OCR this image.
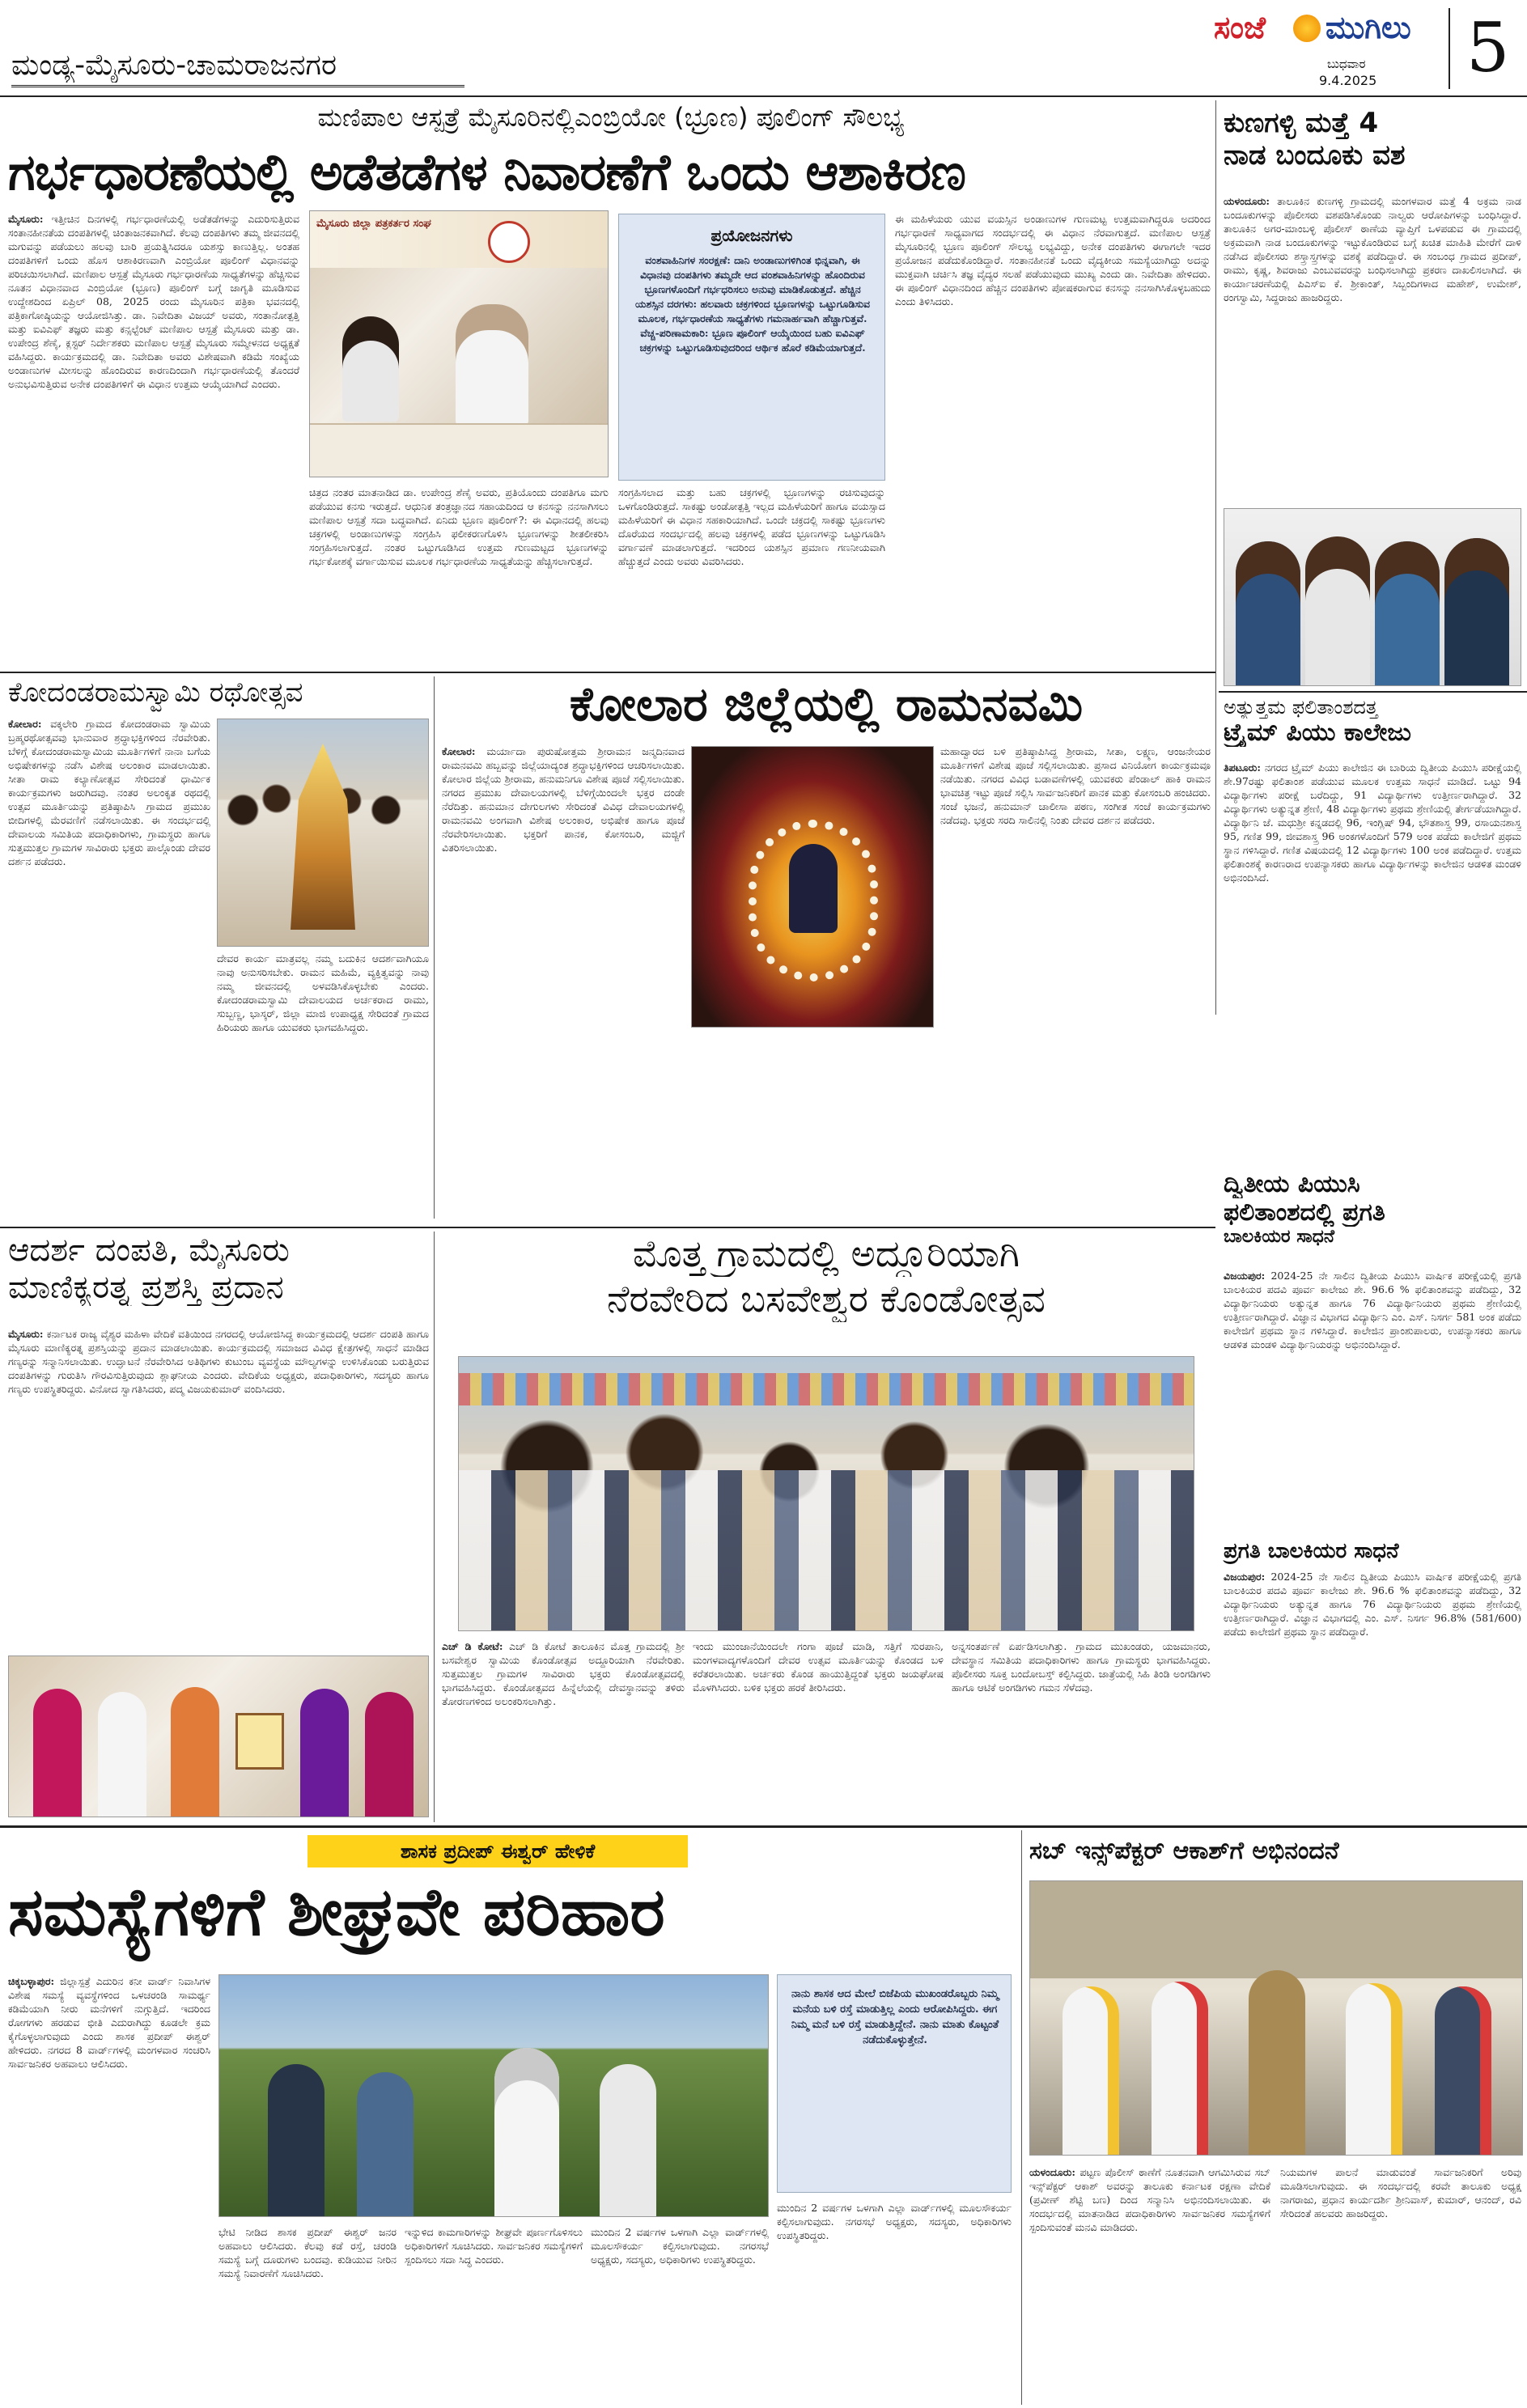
ಮಂಡ್ಯ-ಮೈಸೂರು-ಚಾಮರಾಜನಗರ
ಸಂಜೆ ಮುಗಿಲು
ಬುಧವಾರ
9.4.2025 5
ಮಣಿಪಾಲ ಆಸ್ಪತ್ರೆ ಮೈಸೂರಿನಲ್ಲಿಎಂಬ್ರಿಯೋ (ಭ್ರೂಣ) ಪೂಲಿಂಗ್ ಸೌಲಭ್ಯ
ಗರ್ಭಧಾರಣೆಯಲ್ಲಿ ಅಡೆತಡೆಗಳ ನಿವಾರಣೆಗೆ ಒಂದು ಆಶಾಕಿರಣ
ಮೈಸೂರು: ಇತ್ತೀಚಿನ ದಿನಗಳಲ್ಲಿ ಗರ್ಭಧಾರಣೆಯಲ್ಲಿ ಅಡೆತಡೆಗಳನ್ನು ಎದುರಿಸುತ್ತಿರುವ ಸಂತಾನಹೀನತೆಯ ದಂಪತಿಗಳಲ್ಲಿ ಚಿಂತಾಜನಕವಾಗಿದೆ. ಕೆಲವು ದಂಪತಿಗಳು ತಮ್ಮ ಜೀವನದಲ್ಲಿ ಮಗುವನ್ನು ಪಡೆಯಲು ಹಲವು ಬಾರಿ ಪ್ರಯತ್ನಿಸಿದರೂ ಯಶಸ್ಸು ಕಾಣುತ್ತಿಲ್ಲ. ಅಂತಹ ದಂಪತಿಗಳಿಗೆ ಒಂದು ಹೊಸ ಆಶಾಕಿರಣವಾಗಿ ಎಂಬ್ರಿಯೋ ಪೂಲಿಂಗ್ ವಿಧಾನವನ್ನು ಪರಿಚಯಿಸಲಾಗಿದೆ. ಮಣಿಪಾಲ ಆಸ್ಪತ್ರೆ ಮೈಸೂರು ಗರ್ಭಧಾರಣೆಯ ಸಾಧ್ಯತೆಗಳನ್ನು ಹೆಚ್ಚಿಸುವ ನೂತನ ವಿಧಾನವಾದ ಎಂಬ್ರಿಯೋ (ಭ್ರೂಣ) ಪೂಲಿಂಗ್ ಬಗ್ಗೆ ಜಾಗೃತಿ ಮೂಡಿಸುವ ಉದ್ದೇಶದಿಂದ ಏಪ್ರಿಲ್ 08, 2025 ರಂದು ಮೈಸೂರಿನ ಪತ್ರಿಕಾ ಭವನದಲ್ಲಿ ಪತ್ರಿಕಾಗೋಷ್ಠಿಯನ್ನು ಆಯೋಜಿಸಿತ್ತು. ಡಾ. ನಿವೇದಿತಾ ವಿಜಯ್ ಅವರು, ಸಂತಾನೋತ್ಪತ್ತಿ ಮತ್ತು ಐವಿಎಫ್ ತಜ್ಞರು ಮತ್ತು ಕನ್ಸಲ್ಟೆಂಟ್ ಮಣಿಪಾಲ ಆಸ್ಪತ್ರೆ ಮೈಸೂರು ಮತ್ತು ಡಾ. ಉಪೇಂದ್ರ ಶೆಣೈ, ಕ್ಲಸ್ಟರ್ ನಿರ್ದೇಶಕರು ಮಣಿಪಾಲ ಆಸ್ಪತ್ರೆ ಮೈಸೂರು ಸಮ್ಮೇಳನದ ಅಧ್ಯಕ್ಷತೆ ವಹಿಸಿದ್ದರು. ಕಾರ್ಯಕ್ರಮದಲ್ಲಿ ಡಾ. ನಿವೇದಿತಾ ಅವರು ವಿಶೇಷವಾಗಿ ಕಡಿಮೆ ಸಂಖ್ಯೆಯ ಅಂಡಾಣುಗಳ ಮೀಸಲನ್ನು ಹೊಂದಿರುವ ಕಾರಣದಿಂದಾಗಿ ಗರ್ಭಧಾರಣೆಯಲ್ಲಿ ತೊಂದರೆ ಅನುಭವಿಸುತ್ತಿರುವ ಅನೇಕ ದಂಪತಿಗಳಿಗೆ ಈ ವಿಧಾನ ಉತ್ತಮ ಆಯ್ಕೆಯಾಗಿದೆ ಎಂದರು.
ಮೈಸೂರು ಜಿಲ್ಲಾ ಪತ್ರಕರ್ತರ ಸಂಘ
ಪ್ರಯೋಜನಗಳು
ವಂಶವಾಹಿನಿಗಳ ಸಂರಕ್ಷಣೆ: ದಾನಿ ಅಂಡಾಣುಗಳಿಗಿಂತ ಭಿನ್ನವಾಗಿ, ಈ ವಿಧಾನವು ದಂಪತಿಗಳು ತಮ್ಮದೇ ಆದ ವಂಶವಾಹಿನಿಗಳನ್ನು ಹೊಂದಿರುವ ಭ್ರೂಣಗಳೊಂದಿಗೆ ಗರ್ಭಧರಿಸಲು ಅನುವು ಮಾಡಿಕೊಡುತ್ತದೆ. ಹೆಚ್ಚಿನ ಯಶಸ್ಸಿನ ದರಗಳು: ಹಲವಾರು ಚಕ್ರಗಳಿಂದ ಭ್ರೂಣಗಳನ್ನು ಒಟ್ಟುಗೂಡಿಸುವ ಮೂಲಕ, ಗರ್ಭಧಾರಣೆಯ ಸಾಧ್ಯತೆಗಳು ಗಮನಾರ್ಹವಾಗಿ ಹೆಚ್ಚಾಗುತ್ತವೆ. ವೆಚ್ಚ-ಪರಿಣಾಮಕಾರಿ: ಭ್ರೂಣ ಪೂಲಿಂಗ್ ಆಯ್ಕೆಯಿಂದ ಬಹು ಐವಿಎಫ್ ಚಕ್ರಗಳನ್ನು ಒಟ್ಟುಗೂಡಿಸುವುದರಿಂದ ಆರ್ಥಿಕ ಹೊರೆ ಕಡಿಮೆಯಾಗುತ್ತದೆ.
ಚಿತ್ರದ ನಂತರ ಮಾತನಾಡಿದ ಡಾ. ಉಪೇಂದ್ರ ಶೆಣೈ ಅವರು, ಪ್ರತಿಯೊಂದು ದಂಪತಿಗೂ ಮಗು ಪಡೆಯುವ ಕನಸು ಇರುತ್ತದೆ. ಆಧುನಿಕ ತಂತ್ರಜ್ಞಾನದ ಸಹಾಯದಿಂದ ಆ ಕನಸನ್ನು ನನಸಾಗಿಸಲು ಮಣಿಪಾಲ ಆಸ್ಪತ್ರೆ ಸದಾ ಬದ್ಧವಾಗಿದೆ. ಏನಿದು ಭ್ರೂಣ ಪೂಲಿಂಗ್?: ಈ ವಿಧಾನದಲ್ಲಿ ಹಲವು ಚಕ್ರಗಳಲ್ಲಿ ಅಂಡಾಣುಗಳನ್ನು ಸಂಗ್ರಹಿಸಿ ಫಲೀಕರಣಗೊಳಿಸಿ ಭ್ರೂಣಗಳನ್ನು ಶೀತಲೀಕರಿಸಿ ಸಂಗ್ರಹಿಸಲಾಗುತ್ತದೆ. ನಂತರ ಒಟ್ಟುಗೂಡಿಸಿದ ಉತ್ತಮ ಗುಣಮಟ್ಟದ ಭ್ರೂಣಗಳನ್ನು ಗರ್ಭಕೋಶಕ್ಕೆ ವರ್ಗಾಯಿಸುವ ಮೂಲಕ ಗರ್ಭಧಾರಣೆಯ ಸಾಧ್ಯತೆಯನ್ನು ಹೆಚ್ಚಿಸಲಾಗುತ್ತದೆ.
ಸಂಗ್ರಹಿಸಲಾದ ಮತ್ತು ಬಹು ಚಕ್ರಗಳಲ್ಲಿ ಭ್ರೂಣಗಳನ್ನು ರಚಿಸುವುದನ್ನು ಒಳಗೊಂಡಿರುತ್ತದೆ. ಸಾಕಷ್ಟು ಅಂಡೋತ್ಪತ್ತಿ ಇಲ್ಲದ ಮಹಿಳೆಯರಿಗೆ ಹಾಗೂ ವಯಸ್ಸಾದ ಮಹಿಳೆಯರಿಗೆ ಈ ವಿಧಾನ ಸಹಕಾರಿಯಾಗಿದೆ. ಒಂದೇ ಚಕ್ರದಲ್ಲಿ ಸಾಕಷ್ಟು ಭ್ರೂಣಗಳು ದೊರೆಯದ ಸಂದರ್ಭದಲ್ಲಿ ಹಲವು ಚಕ್ರಗಳಲ್ಲಿ ಪಡೆದ ಭ್ರೂಣಗಳನ್ನು ಒಟ್ಟುಗೂಡಿಸಿ ವರ್ಗಾವಣೆ ಮಾಡಲಾಗುತ್ತದೆ. ಇದರಿಂದ ಯಶಸ್ಸಿನ ಪ್ರಮಾಣ ಗಣನೀಯವಾಗಿ ಹೆಚ್ಚುತ್ತದೆ ಎಂದು ಅವರು ವಿವರಿಸಿದರು.
ಈ ಮಹಿಳೆಯರು ಯುವ ವಯಸ್ಸಿನ ಅಂಡಾಣುಗಳ ಗುಣಮಟ್ಟ ಉತ್ತಮವಾಗಿದ್ದರೂ ಅದರಿಂದ ಗರ್ಭಧಾರಣೆ ಸಾಧ್ಯವಾಗದ ಸಂದರ್ಭದಲ್ಲಿ ಈ ವಿಧಾನ ನೆರವಾಗುತ್ತದೆ. ಮಣಿಪಾಲ ಆಸ್ಪತ್ರೆ ಮೈಸೂರಿನಲ್ಲಿ ಭ್ರೂಣ ಪೂಲಿಂಗ್ ಸೌಲಭ್ಯ ಲಭ್ಯವಿದ್ದು, ಅನೇಕ ದಂಪತಿಗಳು ಈಗಾಗಲೇ ಇದರ ಪ್ರಯೋಜನ ಪಡೆದುಕೊಂಡಿದ್ದಾರೆ. ಸಂತಾನಹೀನತೆ ಒಂದು ವೈದ್ಯಕೀಯ ಸಮಸ್ಯೆಯಾಗಿದ್ದು ಅದನ್ನು ಮುಕ್ತವಾಗಿ ಚರ್ಚಿಸಿ ತಜ್ಞ ವೈದ್ಯರ ಸಲಹೆ ಪಡೆಯುವುದು ಮುಖ್ಯ ಎಂದು ಡಾ. ನಿವೇದಿತಾ ಹೇಳಿದರು. ಈ ಪೂಲಿಂಗ್ ವಿಧಾನದಿಂದ ಹೆಚ್ಚಿನ ದಂಪತಿಗಳು ಪೋಷಕರಾಗುವ ಕನಸನ್ನು ನನಸಾಗಿಸಿಕೊಳ್ಳಬಹುದು ಎಂದು ತಿಳಿಸಿದರು.
ಕುಣಗಳ್ಳಿ ಮತ್ತೆ 4
ನಾಡ ಬಂದೂಕು ವಶ
ಯಳಂದೂರು: ತಾಲೂಕಿನ ಕುಣಗಳ್ಳಿ ಗ್ರಾಮದಲ್ಲಿ ಮಂಗಳವಾರ ಮತ್ತೆ 4 ಅಕ್ರಮ ನಾಡ ಬಂದೂಕುಗಳನ್ನು ಪೊಲೀಸರು ವಶಪಡಿಸಿಕೊಂಡು ನಾಲ್ವರು ಆರೋಪಿಗಳನ್ನು ಬಂಧಿಸಿದ್ದಾರೆ. ತಾಲೂಕಿನ ಅಗರ-ಮಾಂಬಳ್ಳಿ ಪೊಲೀಸ್ ಠಾಣೆಯ ವ್ಯಾಪ್ತಿಗೆ ಒಳಪಡುವ ಈ ಗ್ರಾಮದಲ್ಲಿ ಅಕ್ರಮವಾಗಿ ನಾಡ ಬಂದೂಕುಗಳನ್ನು ಇಟ್ಟುಕೊಂಡಿರುವ ಬಗ್ಗೆ ಖಚಿತ ಮಾಹಿತಿ ಮೇರೆಗೆ ದಾಳಿ ನಡೆಸಿದ ಪೊಲೀಸರು ಶಸ್ತ್ರಾಸ್ತ್ರಗಳನ್ನು ವಶಕ್ಕೆ ಪಡೆದಿದ್ದಾರೆ. ಈ ಸಂಬಂಧ ಗ್ರಾಮದ ಪ್ರದೀಪ್, ರಾಮು, ಕೃಷ್ಣ, ಶಿವರಾಜು ಎಂಬುವವರನ್ನು ಬಂಧಿಸಲಾಗಿದ್ದು ಪ್ರಕರಣ ದಾಖಲಿಸಲಾಗಿದೆ. ಈ ಕಾರ್ಯಾಚರಣೆಯಲ್ಲಿ ಪಿಎಸ್‌ಐ ಕೆ. ಶ್ರೀಕಾಂತ್, ಸಿಬ್ಬಂದಿಗಳಾದ ಮಹೇಶ್, ಉಮೇಶ್, ರಂಗಸ್ವಾಮಿ, ಸಿದ್ದರಾಜು ಹಾಜರಿದ್ದರು.
ಕೋದಂಡರಾಮಸ್ವಾಮಿ ರಥೋತ್ಸವ
ಕೋಲಾರ: ವಕ್ಕಲೇರಿ ಗ್ರಾಮದ ಕೋದಂಡರಾಮ ಸ್ವಾಮಿಯ ಬ್ರಹ್ಮರಥೋತ್ಸವವು ಭಾನುವಾರ ಶ್ರದ್ಧಾಭಕ್ತಿಗಳಿಂದ ನೆರವೇರಿತು. ಬೆಳಿಗ್ಗೆ ಕೋದಂಡರಾಮಸ್ವಾಮಿಯ ಮೂರ್ತಿಗಳಿಗೆ ನಾನಾ ಬಗೆಯ ಅಭಿಷೇಕಗಳನ್ನು ನಡೆಸಿ ವಿಶೇಷ ಅಲಂಕಾರ ಮಾಡಲಾಯಿತು. ಸೀತಾ ರಾಮ ಕಲ್ಯಾಣೋತ್ಸವ ಸೇರಿದಂತೆ ಧಾರ್ಮಿಕ ಕಾರ್ಯಕ್ರಮಗಳು ಜರುಗಿದವು. ನಂತರ ಅಲಂಕೃತ ರಥದಲ್ಲಿ ಉತ್ಸವ ಮೂರ್ತಿಯನ್ನು ಪ್ರತಿಷ್ಠಾಪಿಸಿ ಗ್ರಾಮದ ಪ್ರಮುಖ ಬೀದಿಗಳಲ್ಲಿ ಮೆರವಣಿಗೆ ನಡೆಸಲಾಯಿತು. ಈ ಸಂದರ್ಭದಲ್ಲಿ ದೇವಾಲಯ ಸಮಿತಿಯ ಪದಾಧಿಕಾರಿಗಳು, ಗ್ರಾಮಸ್ಥರು ಹಾಗೂ ಸುತ್ತಮುತ್ತಲ ಗ್ರಾಮಗಳ ಸಾವಿರಾರು ಭಕ್ತರು ಪಾಲ್ಗೊಂಡು ದೇವರ ದರ್ಶನ ಪಡೆದರು.
ದೇವರ ಕಾರ್ಯ ಮಾತ್ರವಲ್ಲ ನಮ್ಮ ಬದುಕಿನ ಆದರ್ಶವಾಗಿಯೂ ನಾವು ಅನುಸರಿಸಬೇಕು. ರಾಮನ ಮಹಿಮೆ, ವ್ಯಕ್ತಿತ್ವವನ್ನು ನಾವು ನಮ್ಮ ಜೀವನದಲ್ಲಿ ಅಳವಡಿಸಿಕೊಳ್ಳಬೇಕು ಎಂದರು. ಕೋದಂಡರಾಮಸ್ವಾಮಿ ದೇವಾಲಯದ ಅರ್ಚಕರಾದ ರಾಮು, ಸುಬ್ಬಣ್ಣ, ಭಾಸ್ಕರ್, ಜಿಲ್ಲಾ ಮಾಜಿ ಉಪಾಧ್ಯಕ್ಷ ಸೇರಿದಂತೆ ಗ್ರಾಮದ ಹಿರಿಯರು ಹಾಗೂ ಯುವಕರು ಭಾಗವಹಿಸಿದ್ದರು.
ಕೋಲಾರ ಜಿಲ್ಲೆಯಲ್ಲಿ ರಾಮನವಮಿ
ಕೋಲಾರ: ಮರ್ಯಾದಾ ಪುರುಷೋತ್ತಮ ಶ್ರೀರಾಮನ ಜನ್ಮದಿನವಾದ ರಾಮನವಮಿ ಹಬ್ಬವನ್ನು ಜಿಲ್ಲೆಯಾದ್ಯಂತ ಶ್ರದ್ಧಾಭಕ್ತಿಗಳಿಂದ ಆಚರಿಸಲಾಯಿತು. ಕೋಲಾರ ಜಿಲ್ಲೆಯ ಶ್ರೀರಾಮ, ಹನುಮನಿಗೂ ವಿಶೇಷ ಪೂಜೆ ಸಲ್ಲಿಸಲಾಯಿತು. ನಗರದ ಪ್ರಮುಖ ದೇವಾಲಯಗಳಲ್ಲಿ ಬೆಳಿಗ್ಗೆಯಿಂದಲೇ ಭಕ್ತರ ದಂಡೇ ನೆರೆದಿತ್ತು. ಹನುಮಾನ ದೇಗುಲಗಳು ಸೇರಿದಂತೆ ವಿವಿಧ ದೇವಾಲಯಗಳಲ್ಲಿ ರಾಮನವಮಿ ಅಂಗವಾಗಿ ವಿಶೇಷ ಅಲಂಕಾರ, ಅಭಿಷೇಕ ಹಾಗೂ ಪೂಜೆ ನೆರವೇರಿಸಲಾಯಿತು. ಭಕ್ತರಿಗೆ ಪಾನಕ, ಕೋಸಂಬರಿ, ಮಜ್ಜಿಗೆ ವಿತರಿಸಲಾಯಿತು.
ಮಹಾದ್ವಾರದ ಬಳಿ ಪ್ರತಿಷ್ಠಾಪಿಸಿದ್ದ ಶ್ರೀರಾಮ, ಸೀತಾ, ಲಕ್ಷ್ಮಣ, ಆಂಜನೇಯರ ಮೂರ್ತಿಗಳಿಗೆ ವಿಶೇಷ ಪೂಜೆ ಸಲ್ಲಿಸಲಾಯಿತು. ಪ್ರಸಾದ ವಿನಿಯೋಗ ಕಾರ್ಯಕ್ರಮವೂ ನಡೆಯಿತು. ನಗರದ ವಿವಿಧ ಬಡಾವಣೆಗಳಲ್ಲಿ ಯುವಕರು ಪೆಂಡಾಲ್ ಹಾಕಿ ರಾಮನ ಭಾವಚಿತ್ರ ಇಟ್ಟು ಪೂಜೆ ಸಲ್ಲಿಸಿ ಸಾರ್ವಜನಿಕರಿಗೆ ಪಾನಕ ಮತ್ತು ಕೋಸಂಬರಿ ಹಂಚಿದರು. ಸಂಜೆ ಭಜನೆ, ಹನುಮಾನ್ ಚಾಲೀಸಾ ಪಠಣ, ಸಂಗೀತ ಸಂಜೆ ಕಾರ್ಯಕ್ರಮಗಳು ನಡೆದವು. ಭಕ್ತರು ಸರದಿ ಸಾಲಿನಲ್ಲಿ ನಿಂತು ದೇವರ ದರ್ಶನ ಪಡೆದರು.
ಅತ್ಯುತ್ತಮ ಫಲಿತಾಂಶದತ್ತ
ಟ್ರೈಮ್ ಪಿಯು ಕಾಲೇಜು
ತಿಪಟೂರು: ನಗರದ ಟ್ರೈಮ್ ಪಿಯು ಕಾಲೇಜಿನ ಈ ಬಾರಿಯ ದ್ವಿತೀಯ ಪಿಯುಸಿ ಪರೀಕ್ಷೆಯಲ್ಲಿ ಶೇ.97ರಷ್ಟು ಫಲಿತಾಂಶ ಪಡೆಯುವ ಮೂಲಕ ಉತ್ತಮ ಸಾಧನೆ ಮಾಡಿದೆ. ಒಟ್ಟು 94 ವಿದ್ಯಾರ್ಥಿಗಳು ಪರೀಕ್ಷೆ ಬರೆದಿದ್ದು, 91 ವಿದ್ಯಾರ್ಥಿಗಳು ಉತ್ತೀರ್ಣರಾಗಿದ್ದಾರೆ. 32 ವಿದ್ಯಾರ್ಥಿಗಳು ಅತ್ಯುನ್ನತ ಶ್ರೇಣಿ, 48 ವಿದ್ಯಾರ್ಥಿಗಳು ಪ್ರಥಮ ಶ್ರೇಣಿಯಲ್ಲಿ ತೇರ್ಗಡೆಯಾಗಿದ್ದಾರೆ. ವಿದ್ಯಾರ್ಥಿನಿ ಜೆ. ಮಧುಶ್ರೀ ಕನ್ನಡದಲ್ಲಿ 96, ಇಂಗ್ಲಿಷ್ 94, ಭೌತಶಾಸ್ತ್ರ 99, ರಸಾಯನಶಾಸ್ತ್ರ 95, ಗಣಿತ 99, ಜೀವಶಾಸ್ತ್ರ 96 ಅಂಕಗಳೊಂದಿಗೆ 579 ಅಂಕ ಪಡೆದು ಕಾಲೇಜಿಗೆ ಪ್ರಥಮ ಸ್ಥಾನ ಗಳಿಸಿದ್ದಾರೆ. ಗಣಿತ ವಿಷಯದಲ್ಲಿ 12 ವಿದ್ಯಾರ್ಥಿಗಳು 100 ಅಂಕ ಪಡೆದಿದ್ದಾರೆ. ಉತ್ತಮ ಫಲಿತಾಂಶಕ್ಕೆ ಕಾರಣರಾದ ಉಪನ್ಯಾಸಕರು ಹಾಗೂ ವಿದ್ಯಾರ್ಥಿಗಳನ್ನು ಕಾಲೇಜಿನ ಆಡಳಿತ ಮಂಡಳಿ ಅಭಿನಂದಿಸಿದೆ.
ದ್ವಿತೀಯ ಪಿಯುಸಿ
ಫಲಿತಾಂಶದಲ್ಲಿ ಪ್ರಗತಿ
ಬಾಲಕಿಯರ ಸಾಧನೆ
ವಿಜಯಪುರ: 2024-25 ನೇ ಸಾಲಿನ ದ್ವಿತೀಯ ಪಿಯುಸಿ ವಾರ್ಷಿಕ ಪರೀಕ್ಷೆಯಲ್ಲಿ ಪ್ರಗತಿ ಬಾಲಕಿಯರ ಪದವಿ ಪೂರ್ವ ಕಾಲೇಜು ಶೇ. 96.6 % ಫಲಿತಾಂಶವನ್ನು ಪಡೆದಿದ್ದು, 32 ವಿದ್ಯಾರ್ಥಿನಿಯರು ಅತ್ಯುನ್ನತ ಹಾಗೂ 76 ವಿದ್ಯಾರ್ಥಿನಿಯರು ಪ್ರಥಮ ಶ್ರೇಣಿಯಲ್ಲಿ ಉತ್ತೀರ್ಣರಾಗಿದ್ದಾರೆ. ವಿಜ್ಞಾನ ವಿಭಾಗದ ವಿದ್ಯಾರ್ಥಿನಿ ಎಂ. ಎಸ್. ನಿಸರ್ಗ 581 ಅಂಕ ಪಡೆದು ಕಾಲೇಜಿಗೆ ಪ್ರಥಮ ಸ್ಥಾನ ಗಳಿಸಿದ್ದಾರೆ. ಕಾಲೇಜಿನ ಪ್ರಾಂಶುಪಾಲರು, ಉಪನ್ಯಾಸಕರು ಹಾಗೂ ಆಡಳಿತ ಮಂಡಳಿ ವಿದ್ಯಾರ್ಥಿನಿಯರನ್ನು ಅಭಿನಂದಿಸಿದ್ದಾರೆ.
ಪ್ರಗತಿ ಬಾಲಕಿಯರ ಸಾಧನೆ
ವಿಜಯಪುರ: 2024-25 ನೇ ಸಾಲಿನ ದ್ವಿತೀಯ ಪಿಯುಸಿ ವಾರ್ಷಿಕ ಪರೀಕ್ಷೆಯಲ್ಲಿ ಪ್ರಗತಿ ಬಾಲಕಿಯರ ಪದವಿ ಪೂರ್ವ ಕಾಲೇಜು ಶೇ. 96.6 % ಫಲಿತಾಂಶವನ್ನು ಪಡೆದಿದ್ದು, 32 ವಿದ್ಯಾರ್ಥಿನಿಯರು ಅತ್ಯುನ್ನತ ಹಾಗೂ 76 ವಿದ್ಯಾರ್ಥಿನಿಯರು ಪ್ರಥಮ ಶ್ರೇಣಿಯಲ್ಲಿ ಉತ್ತೀರ್ಣರಾಗಿದ್ದಾರೆ. ವಿಜ್ಞಾನ ವಿಭಾಗದಲ್ಲಿ ಎಂ. ಎಸ್. ನಿಸರ್ಗ 96.8% (581/600) ಪಡೆದು ಕಾಲೇಜಿಗೆ ಪ್ರಥಮ ಸ್ಥಾನ ಪಡೆದಿದ್ದಾರೆ.
ಆದರ್ಶ ದಂಪತಿ, ಮೈಸೂರು
ಮಾಣಿಕ್ಯರತ್ನ ಪ್ರಶಸ್ತಿ ಪ್ರದಾನ
ಮೈಸೂರು: ಕರ್ನಾಟಕ ರಾಜ್ಯ ವೈಶ್ಯರ ಮಹಿಳಾ ವೇದಿಕೆ ವತಿಯಿಂದ ನಗರದಲ್ಲಿ ಆಯೋಜಿಸಿದ್ದ ಕಾರ್ಯಕ್ರಮದಲ್ಲಿ ಆದರ್ಶ ದಂಪತಿ ಹಾಗೂ ಮೈಸೂರು ಮಾಣಿಕ್ಯರತ್ನ ಪ್ರಶಸ್ತಿಯನ್ನು ಪ್ರದಾನ ಮಾಡಲಾಯಿತು. ಕಾರ್ಯಕ್ರಮದಲ್ಲಿ ಸಮಾಜದ ವಿವಿಧ ಕ್ಷೇತ್ರಗಳಲ್ಲಿ ಸಾಧನೆ ಮಾಡಿದ ಗಣ್ಯರನ್ನು ಸನ್ಮಾನಿಸಲಾಯಿತು. ಉದ್ಘಾಟನೆ ನೆರವೇರಿಸಿದ ಅತಿಥಿಗಳು ಕುಟುಂಬ ವ್ಯವಸ್ಥೆಯ ಮೌಲ್ಯಗಳನ್ನು ಉಳಿಸಿಕೊಂಡು ಬರುತ್ತಿರುವ ದಂಪತಿಗಳನ್ನು ಗುರುತಿಸಿ ಗೌರವಿಸುತ್ತಿರುವುದು ಶ್ಲಾಘನೀಯ ಎಂದರು. ವೇದಿಕೆಯ ಅಧ್ಯಕ್ಷರು, ಪದಾಧಿಕಾರಿಗಳು, ಸದಸ್ಯರು ಹಾಗೂ ಗಣ್ಯರು ಉಪಸ್ಥಿತರಿದ್ದರು. ವಿನೋದ ಸ್ವಾಗತಿಸಿದರು, ಪದ್ಮ ವಿಜಯಕುಮಾರ್ ವಂದಿಸಿದರು.
ಮೊತ್ತ ಗ್ರಾಮದಲ್ಲಿ ಅದ್ದೂರಿಯಾಗಿ
ನೆರವೇರಿದ ಬಸವೇಶ್ವರ ಕೊಂಡೋತ್ಸವ
ಎಚ್ ಡಿ ಕೋಟೆ: ಎಚ್ ಡಿ ಕೋಟೆ ತಾಲೂಕಿನ ಮೊತ್ತ ಗ್ರಾಮದಲ್ಲಿ ಶ್ರೀ ಬಸವೇಶ್ವರ ಸ್ವಾಮಿಯ ಕೊಂಡೋತ್ಸವ ಅದ್ದೂರಿಯಾಗಿ ನೆರವೇರಿತು. ಸುತ್ತಮುತ್ತಲ ಗ್ರಾಮಗಳ ಸಾವಿರಾರು ಭಕ್ತರು ಕೊಂಡೋತ್ಸವದಲ್ಲಿ ಭಾಗವಹಿಸಿದ್ದರು. ಕೊಂಡೋತ್ಸವದ ಹಿನ್ನೆಲೆಯಲ್ಲಿ ದೇವಸ್ಥಾನವನ್ನು ತಳಿರು ತೋರಣಗಳಿಂದ ಅಲಂಕರಿಸಲಾಗಿತ್ತು.
ಇಂದು ಮುಂಜಾನೆಯಿಂದಲೇ ಗಂಗಾ ಪೂಜೆ ಮಾಡಿ, ಸತ್ತಿಗೆ ಸುರಪಾನಿ, ಮಂಗಳವಾದ್ಯಗಳೊಂದಿಗೆ ದೇವರ ಉತ್ಸವ ಮೂರ್ತಿಯನ್ನು ಕೊಂಡದ ಬಳಿ ಕರೆತರಲಾಯಿತು. ಅರ್ಚಕರು ಕೊಂಡ ಹಾಯುತ್ತಿದ್ದಂತೆ ಭಕ್ತರು ಜಯಘೋಷ ಮೊಳಗಿಸಿದರು. ಬಳಿಕ ಭಕ್ತರು ಹರಕೆ ತೀರಿಸಿದರು.
ಅನ್ನಸಂತರ್ಪಣೆ ಏರ್ಪಡಿಸಲಾಗಿತ್ತು. ಗ್ರಾಮದ ಮುಖಂಡರು, ಯಜಮಾನರು, ದೇವಸ್ಥಾನ ಸಮಿತಿಯ ಪದಾಧಿಕಾರಿಗಳು ಹಾಗೂ ಗ್ರಾಮಸ್ಥರು ಭಾಗವಹಿಸಿದ್ದರು. ಪೊಲೀಸರು ಸೂಕ್ತ ಬಂದೋಬಸ್ತ್ ಕಲ್ಪಿಸಿದ್ದರು. ಜಾತ್ರೆಯಲ್ಲಿ ಸಿಹಿ ತಿಂಡಿ ಅಂಗಡಿಗಳು ಹಾಗೂ ಆಟಿಕೆ ಅಂಗಡಿಗಳು ಗಮನ ಸೆಳೆದವು.
ಶಾಸಕ ಪ್ರದೀಪ್ ಈಶ್ವರ್ ಹೇಳಿಕೆ
ಸಮಸ್ಯೆಗಳಿಗೆ ಶೀಘ್ರವೇ ಪರಿಹಾರ
ಚಿಕ್ಕಬಳ್ಳಾಪುರ: ಜಿಲ್ಲಾಸ್ಪತ್ರೆ ಎದುರಿನ ಕನೀ ವಾರ್ಡ್ ನಿವಾಸಿಗಳ ವಿಶೇಷ ಸಮಸ್ಯೆ ವ್ಯವಸ್ಥೆಗಳಿಂದ ಒಳಚರಂಡಿ ಸಾಮರ್ಥ್ಯ ಕಡಿಮೆಯಾಗಿ ನೀರು ಮನೆಗಳಿಗೆ ನುಗ್ಗುತ್ತಿದೆ. ಇದರಿಂದ ರೋಗಗಳು ಹರಡುವ ಭೀತಿ ಎದುರಾಗಿದ್ದು ಕೂಡಲೇ ಕ್ರಮ ಕೈಗೊಳ್ಳಲಾಗುವುದು ಎಂದು ಶಾಸಕ ಪ್ರದೀಪ್ ಈಶ್ವರ್ ಹೇಳಿದರು. ನಗರದ 8 ವಾರ್ಡ್‌ಗಳಲ್ಲಿ ಮಂಗಳವಾರ ಸಂಚರಿಸಿ ಸಾರ್ವಜನಿಕರ ಅಹವಾಲು ಆಲಿಸಿದರು.
ನಾನು ಶಾಸಕ ಆದ ಮೇಲೆ ಬಿಜೆಪಿಯ ಮುಖಂಡರೊಬ್ಬರು ನಿಮ್ಮ ಮನೆಯ ಬಳಿ ರಸ್ತೆ ಮಾಡುತ್ತಿಲ್ಲ ಎಂದು ಆರೋಪಿಸಿದ್ದರು. ಈಗ ನಿಮ್ಮ ಮನೆ ಬಳಿ ರಸ್ತೆ ಮಾಡುತ್ತಿದ್ದೇನೆ. ನಾನು ಮಾತು ಕೊಟ್ಟಂತೆ ನಡೆದುಕೊಳ್ಳುತ್ತೇನೆ.
ಭೇಟಿ ನೀಡಿದ ಶಾಸಕ ಪ್ರದೀಪ್ ಈಶ್ವರ್ ಜನರ ಅಹವಾಲು ಆಲಿಸಿದರು. ಕೆಲವು ಕಡೆ ರಸ್ತೆ, ಚರಂಡಿ ಸಮಸ್ಯೆ ಬಗ್ಗೆ ದೂರುಗಳು ಬಂದವು. ಕುಡಿಯುವ ನೀರಿನ ಸಮಸ್ಯೆ ನಿವಾರಣೆಗೆ ಸೂಚಿಸಿದರು.
ಇನ್ನುಳಿದ ಕಾಮಗಾರಿಗಳನ್ನು ಶೀಘ್ರವೇ ಪೂರ್ಣಗೊಳಿಸಲು ಅಧಿಕಾರಿಗಳಿಗೆ ಸೂಚಿಸಿದರು. ಸಾರ್ವಜನಿಕರ ಸಮಸ್ಯೆಗಳಿಗೆ ಸ್ಪಂದಿಸಲು ಸದಾ ಸಿದ್ಧ ಎಂದರು.
ಮುಂದಿನ 2 ವರ್ಷಗಳ ಒಳಗಾಗಿ ಎಲ್ಲಾ ವಾರ್ಡ್‌ಗಳಲ್ಲಿ ಮೂಲಸೌಕರ್ಯ ಕಲ್ಪಿಸಲಾಗುವುದು. ನಗರಸಭೆ ಅಧ್ಯಕ್ಷರು, ಸದಸ್ಯರು, ಅಧಿಕಾರಿಗಳು ಉಪಸ್ಥಿತರಿದ್ದರು.
ಮುಂದಿನ 2 ವರ್ಷಗಳ ಒಳಗಾಗಿ ಎಲ್ಲಾ ವಾರ್ಡ್‌ಗಳಲ್ಲಿ ಮೂಲಸೌಕರ್ಯ ಕಲ್ಪಿಸಲಾಗುವುದು. ನಗರಸಭೆ ಅಧ್ಯಕ್ಷರು, ಸದಸ್ಯರು, ಅಧಿಕಾರಿಗಳು ಉಪಸ್ಥಿತರಿದ್ದರು.
ಸಬ್ ಇನ್ಸ್‌ಪೆಕ್ಟರ್ ಆಕಾಶ್‌ಗೆ ಅಭಿನಂದನೆ
ಯಳಂದೂರು: ಪಟ್ಟಣ ಪೊಲೀಸ್ ಠಾಣೆಗೆ ನೂತನವಾಗಿ ಆಗಮಿಸಿರುವ ಸಬ್ ಇನ್ಸ್‌ಪೆಕ್ಟರ್ ಆಕಾಶ್ ಅವರನ್ನು ತಾಲೂಕು ಕರ್ನಾಟಕ ರಕ್ಷಣಾ ವೇದಿಕೆ (ಪ್ರವೀಣ್ ಶೆಟ್ಟಿ ಬಣ) ದಿಂದ ಸನ್ಮಾನಿಸಿ ಅಭಿನಂದಿಸಲಾಯಿತು. ಈ ಸಂದರ್ಭದಲ್ಲಿ ಮಾತನಾಡಿದ ಪದಾಧಿಕಾರಿಗಳು ಸಾರ್ವಜನಿಕರ ಸಮಸ್ಯೆಗಳಿಗೆ ಸ್ಪಂದಿಸುವಂತೆ ಮನವಿ ಮಾಡಿದರು.
ನಿಯಮಗಳ ಪಾಲನೆ ಮಾಡುವಂತೆ ಸಾರ್ವಜನಿಕರಿಗೆ ಅರಿವು ಮೂಡಿಸಲಾಗುವುದು. ಈ ಸಂದರ್ಭದಲ್ಲಿ ಕರವೇ ತಾಲೂಕು ಅಧ್ಯಕ್ಷ ನಾಗರಾಜು, ಪ್ರಧಾನ ಕಾರ್ಯದರ್ಶಿ ಶ್ರೀನಿವಾಸ್, ಕುಮಾರ್, ಆನಂದ್, ರವಿ ಸೇರಿದಂತೆ ಹಲವರು ಹಾಜರಿದ್ದರು.
